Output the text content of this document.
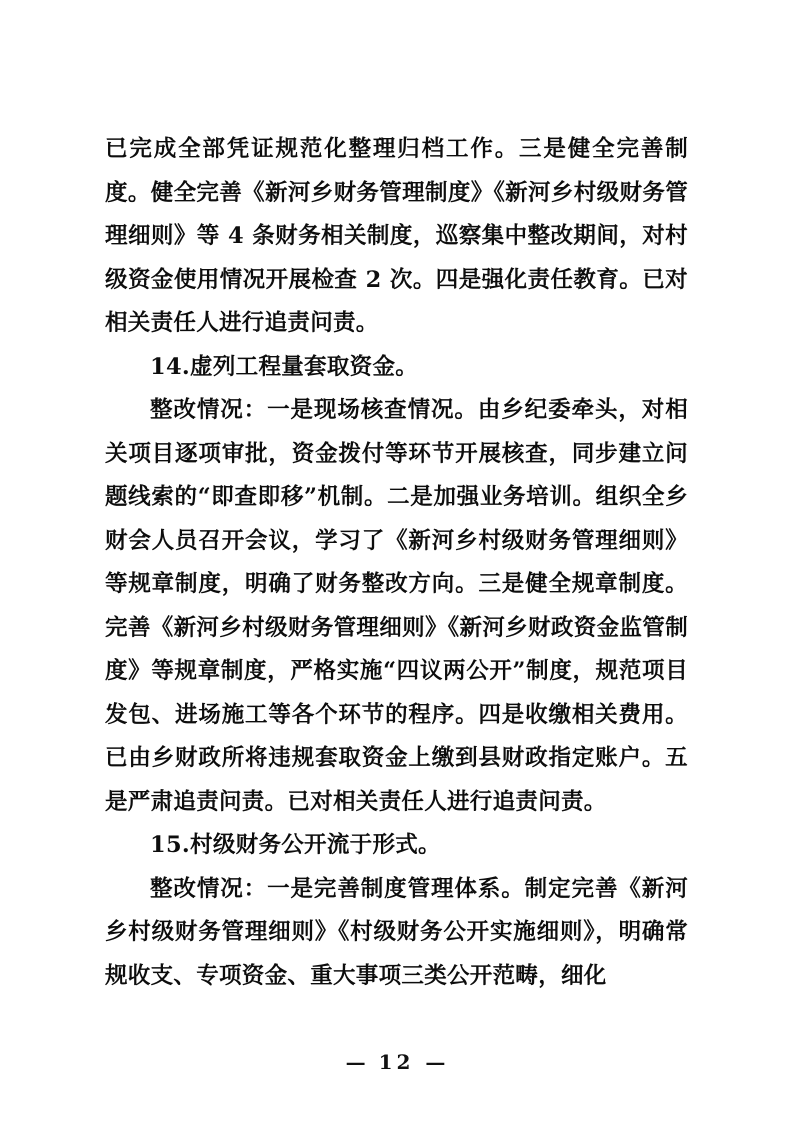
已完成全部凭证规范化整理归档工作。三是健全完善制度。健全完善《新河乡财务管理制度》《新河乡村级财务管理细则》等 4 条财务相关制度，巡察集中整改期间，对村级资金使用情况开展检查 2 次。四是强化责任教育。已对相关责任人进行追责问责。

14.虚列工程量套取资金。

整改情况：一是现场核查情况。由乡纪委牵头，对相关项目逐项审批，资金拨付等环节开展核查，同步建立问题线索的“即查即移”机制。二是加强业务培训。组织全乡财会人员召开会议，学习了《新河乡村级财务管理细则》等规章制度，明确了财务整改方向。三是健全规章制度。完善《新河乡村级财务管理细则》《新河乡财政资金监管制度》等规章制度，严格实施“四议两公开”制度，规范项目发包、进场施工等各个环节的程序。四是收缴相关费用。已由乡财政所将违规套取资金上缴到县财政指定账户。五是严肃追责问责。已对相关责任人进行追责问责。

15.村级财务公开流于形式。

整改情况：一是完善制度管理体系。制定完善《新河乡村级财务管理细则》《村级财务公开实施细则》，明确常规收支、专项资金、重大事项三类公开范畴，细化

— 12 —
